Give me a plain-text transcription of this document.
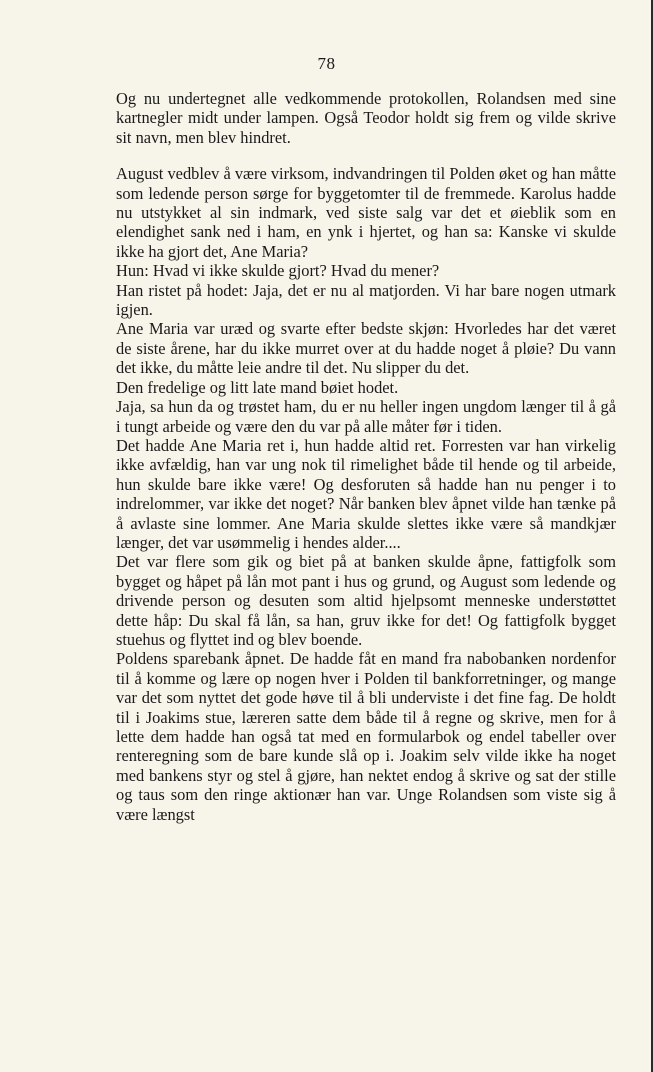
78

Og nu undertegnet alle vedkommende protokollen, Rolandsen med sine kartnegler midt under lampen. Også Teodor holdt sig frem og vilde skrive sit navn, men blev hindret.

August vedblev å være virksom, indvandringen til Polden øket og han måtte som ledende person sørge for byggetomter til de fremmede. Karolus hadde nu utstykket al sin indmark, ved siste salg var det et øieblik som en elendighet sank ned i ham, en ynk i hjertet, og han sa: Kanske vi skulde ikke ha gjort det, Ane Maria?

Hun: Hvad vi ikke skulde gjort? Hvad du mener?

Han ristet på hodet: Jaja, det er nu al matjorden. Vi har bare nogen utmark igjen.

Ane Maria var uræd og svarte efter bedste skjøn: Hvorledes har det været de siste årene, har du ikke murret over at du hadde noget å pløie? Du vann det ikke, du måtte leie andre til det. Nu slipper du det.

Den fredelige og litt late mand bøiet hodet.

Jaja, sa hun da og trøstet ham, du er nu heller ingen ungdom længer til å gå i tungt arbeide og være den du var på alle måter før i tiden.

Det hadde Ane Maria ret i, hun hadde altid ret. Forresten var han virkelig ikke avfældig, han var ung nok til rimelighet både til hende og til arbeide, hun skulde bare ikke være! Og desforuten så hadde han nu penger i to indrelommer, var ikke det noget? Når banken blev åpnet vilde han tænke på å avlaste sine lommer. Ane Maria skulde slettes ikke være så mandkjær længer, det var usømmelig i hendes alder....

Det var flere som gik og biet på at banken skulde åpne, fattigfolk som bygget og håpet på lån mot pant i hus og grund, og August som ledende og drivende person og desuten som altid hjelpsomt menneske understøttet dette håp: Du skal få lån, sa han, gruv ikke for det! Og fattigfolk bygget stuehus og flyttet ind og blev boende.

Poldens sparebank åpnet. De hadde fåt en mand fra nabobanken nordenfor til å komme og lære op nogen hver i Polden til bankforretninger, og mange var det som nyttet det gode høve til å bli underviste i det fine fag. De holdt til i Joakims stue, læreren satte dem både til å regne og skrive, men for å lette dem hadde han også tat med en formularbok og endel tabeller over renteregning som de bare kunde slå op i. Joakim selv vilde ikke ha noget med bankens styr og stel å gjøre, han nektet endog å skrive og sat der stille og taus som den ringe aktionær han var. Unge Rolandsen som viste sig å være længst
